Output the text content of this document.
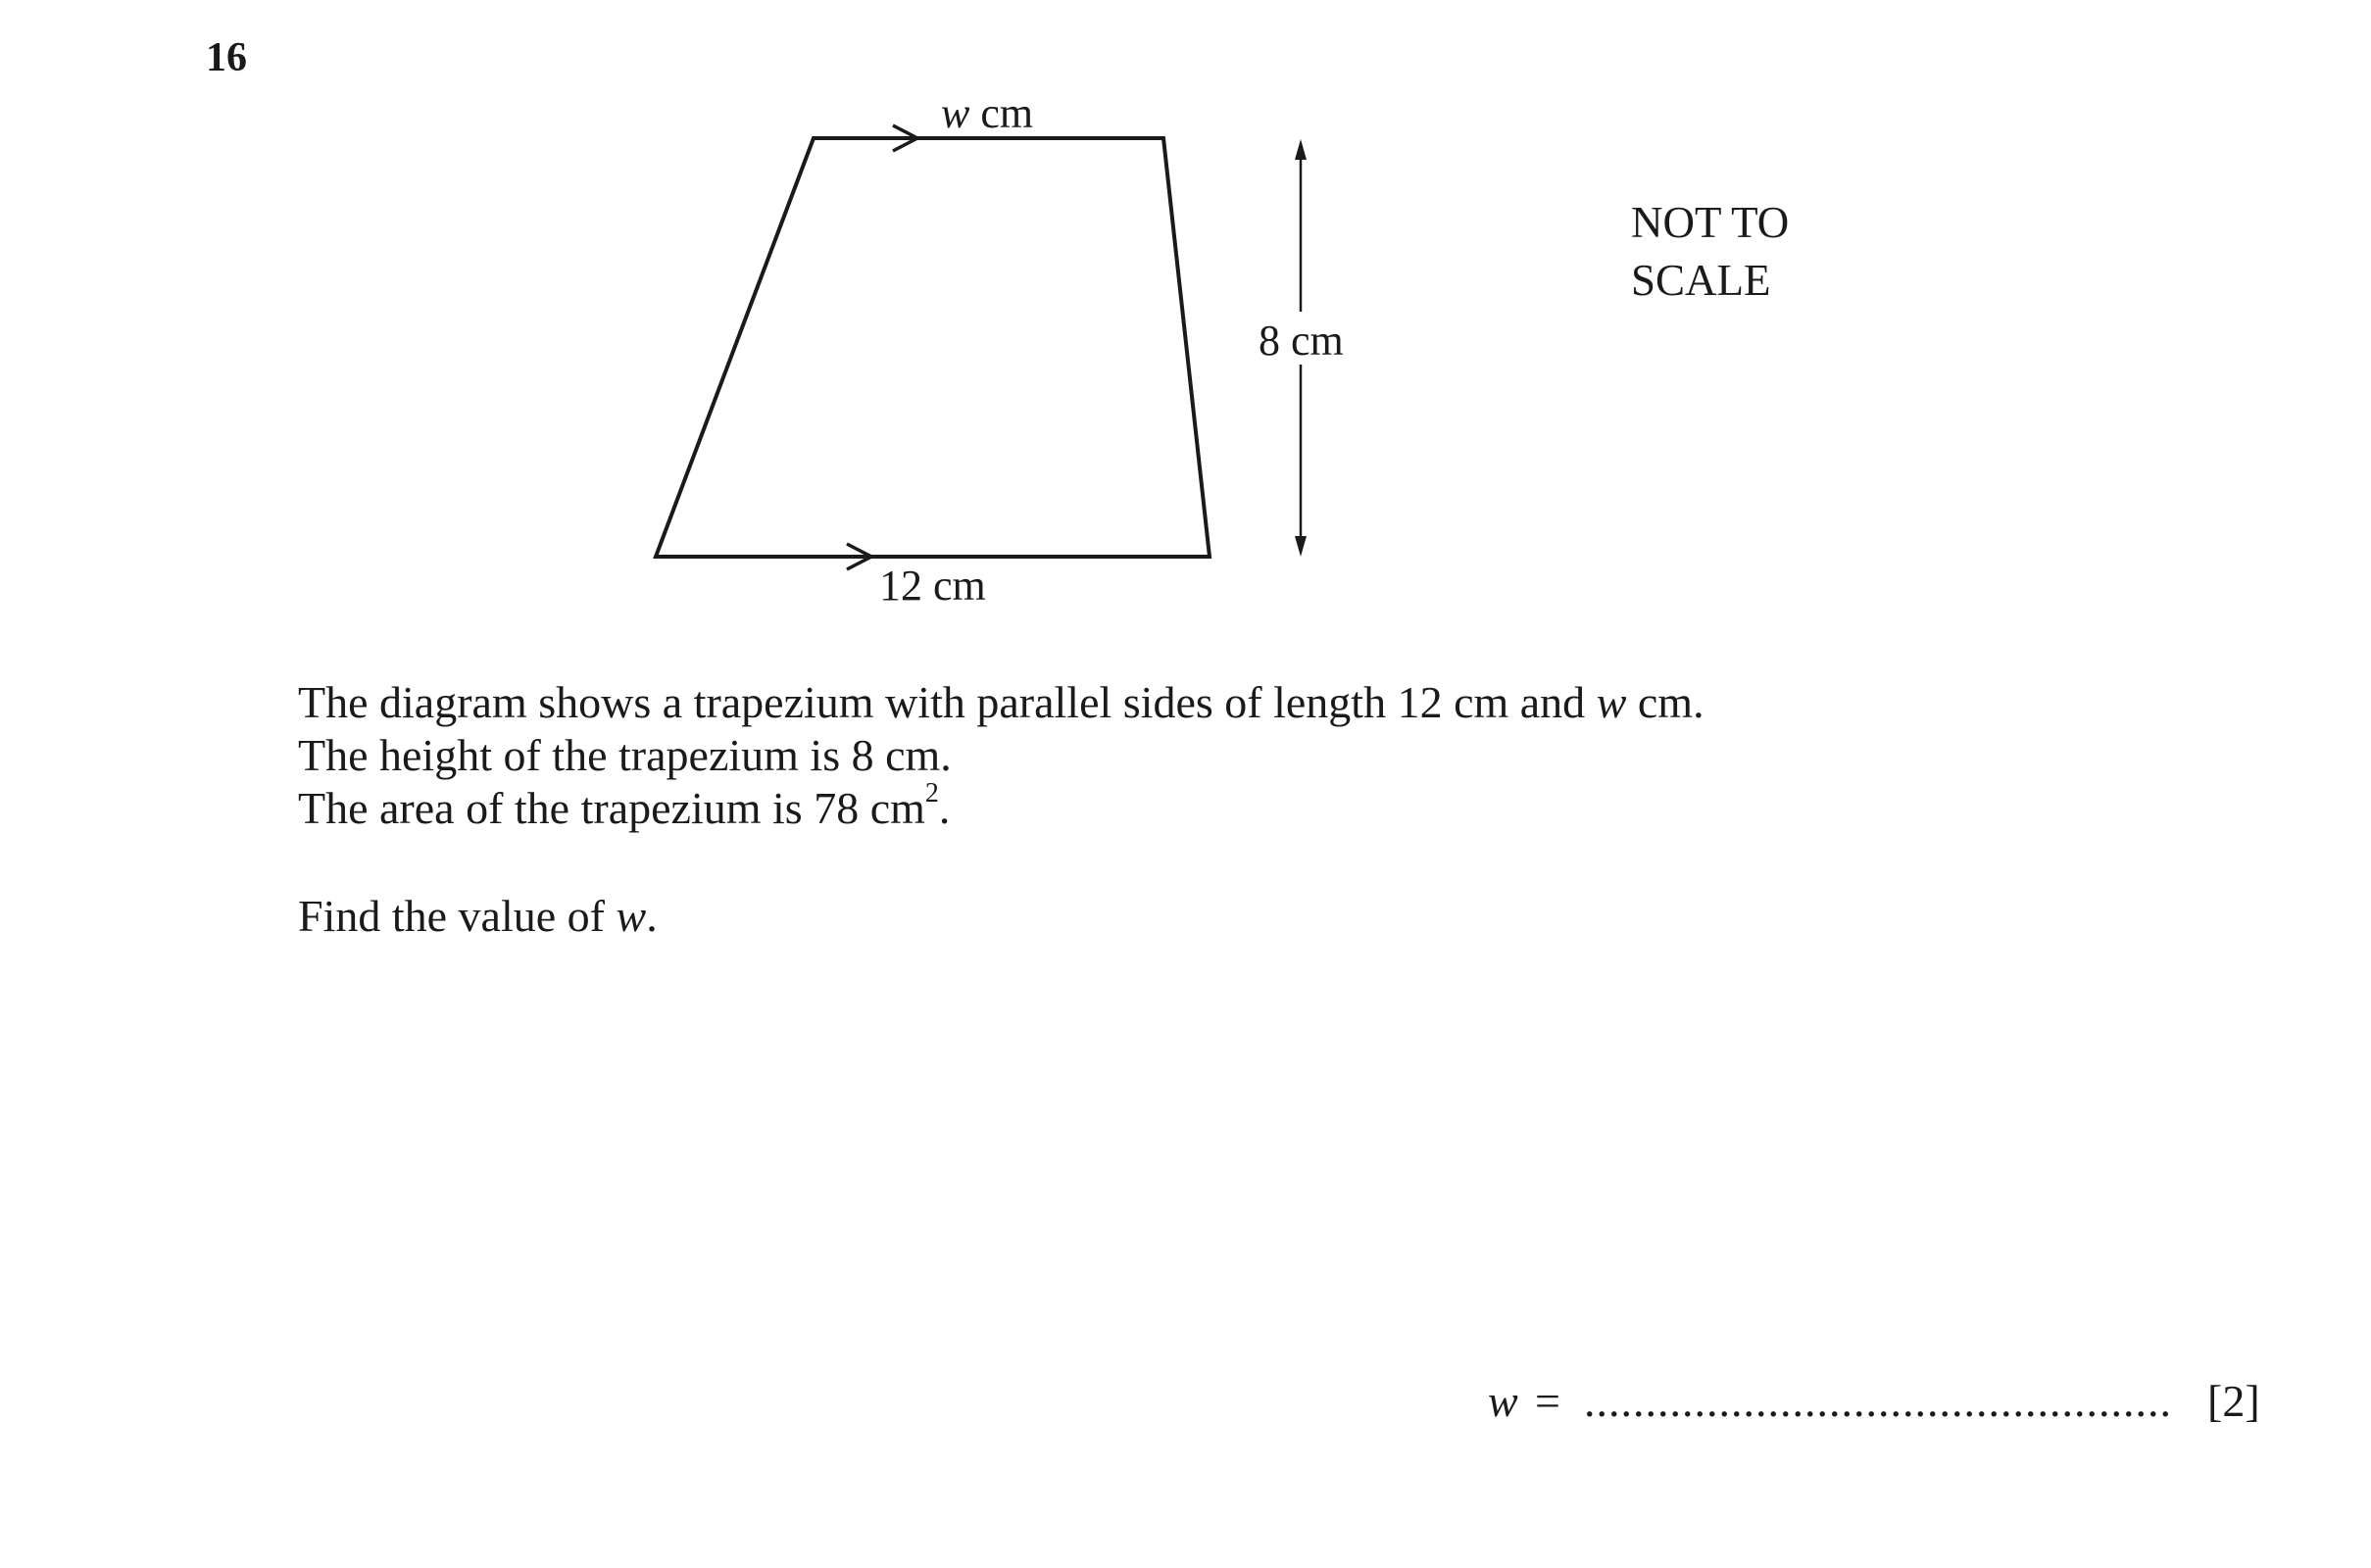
16
w cm
12 cm
8 cm
NOT TO
SCALE
The diagram shows a trapezium with parallel sides of length 12 cm and w cm.
The height of the trapezium is 8 cm.
The area of the trapezium is 78 $cm^2$.
Find the value of w.
w = ................................................ [2]
